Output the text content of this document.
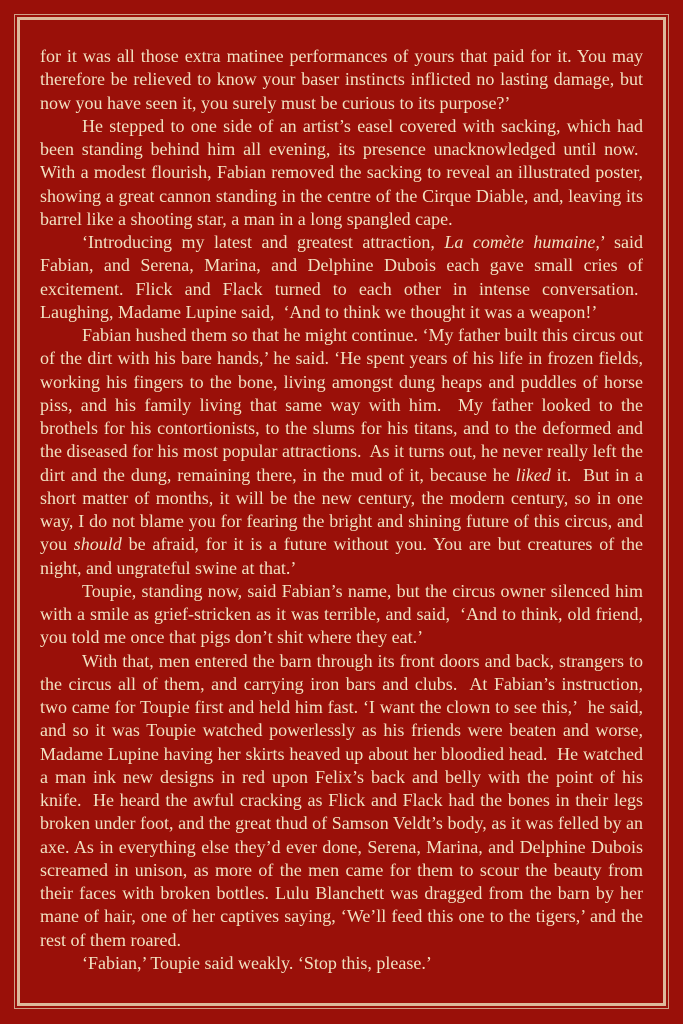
for it was all those extra matinee performances of yours that paid for it. You may therefore be relieved to know your baser instincts inflicted no lasting damage, but now you have seen it, you surely must be curious to its purpose?’

He stepped to one side of an artist’s easel covered with sacking, which had been standing behind him all evening, its presence unacknowledged until now.  With a modest flourish, Fabian removed the sacking to reveal an illustrated poster, showing a great cannon standing in the centre of the Cirque Diable, and, leaving its barrel like a shooting star, a man in a long spangled cape.

‘Introducing my latest and greatest attraction, La comète humaine,’ said Fabian, and Serena, Marina, and Delphine Dubois each gave small cries of excitement. Flick and Flack turned to each other in intense conversation.  Laughing, Madame Lupine said,  ‘And to think we thought it was a weapon!’

Fabian hushed them so that he might continue. ‘My father built this circus out of the dirt with his bare hands,’ he said. ‘He spent years of his life in frozen fields, working his fingers to the bone, living amongst dung heaps and puddles of horse piss, and his family living that same way with him.  My father looked to the brothels for his contortionists, to the slums for his titans, and to the deformed and the diseased for his most popular attractions.  As it turns out, he never really left the dirt and the dung, remaining there, in the mud of it, because he liked it.  But in a short matter of months, it will be the new century, the modern century, so in one way, I do not blame you for fearing the bright and shining future of this circus, and you should be afraid, for it is a future without you. You are but creatures of the night, and ungrateful swine at that.’

Toupie, standing now, said Fabian’s name, but the circus owner silenced him with a smile as grief-stricken as it was terrible, and said,  ‘And to think, old friend, you told me once that pigs don’t shit where they eat.’

With that, men entered the barn through its front doors and back, strangers to the circus all of them, and carrying iron bars and clubs.  At Fabian’s instruction, two came for Toupie first and held him fast. ‘I want the clown to see this,’  he said, and so it was Toupie watched powerlessly as his friends were beaten and worse, Madame Lupine having her skirts heaved up about her bloodied head.  He watched a man ink new designs in red upon Felix’s back and belly with the point of his knife.  He heard the awful cracking as Flick and Flack had the bones in their legs broken under foot, and the great thud of Samson Veldt’s body, as it was felled by an axe. As in everything else they’d ever done, Serena, Marina, and Delphine Dubois screamed in unison, as more of the men came for them to scour the beauty from their faces with broken bottles. Lulu Blanchett was dragged from the barn by her mane of hair, one of her captives saying, ‘We’ll feed this one to the tigers,’ and the rest of them roared.

‘Fabian,’ Toupie said weakly. ‘Stop this, please.’
